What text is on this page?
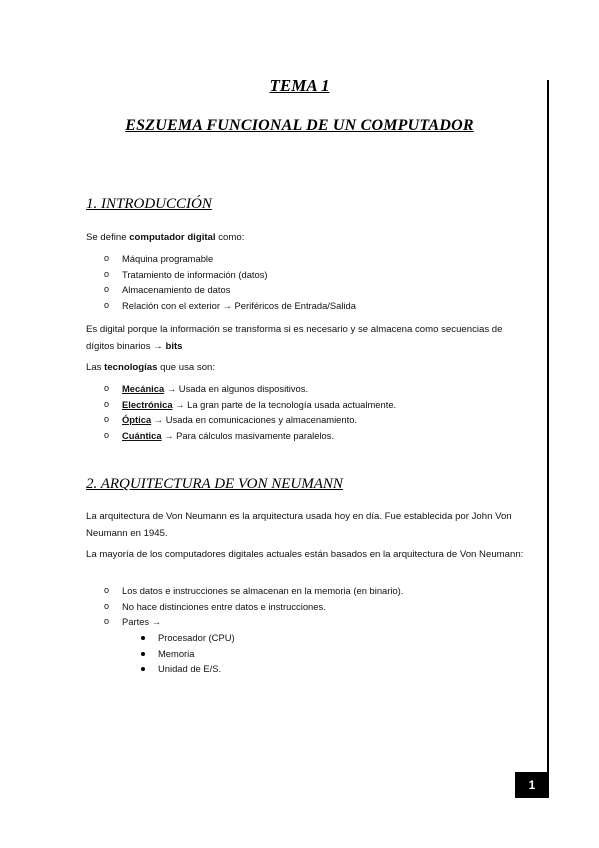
TEMA 1
ESZUEMA FUNCIONAL DE UN COMPUTADOR
1. INTRODUCCIÓN
Se define computador digital como:
o Máquina programable
o Tratamiento de información (datos)
o Almacenamiento de datos
o Relación con el exterior → Periféricos de Entrada/Salida
Es digital porque la información se transforma si es necesario y se almacena como secuencias de dígitos binarios → bits
Las tecnologías que usa son:
o Mecánica → Usada en algunos dispositivos.
o Electrónica → La gran parte de la tecnología usada actualmente.
o Óptica → Usada en comunicaciones y almacenamiento.
o Cuántica → Para cálculos masivamente paralelos.
2. ARQUITECTURA DE VON NEUMANN
La arquitectura de Von Neumann es la arquitectura usada hoy en día. Fue establecida por John Von Neumann en 1945.
La mayoría de los computadores digitales actuales están basados en la arquitectura de Von Neumann:
o Los datos e instrucciones se almacenan en la memoria (en binario).
o No hace distinciones entre datos e instrucciones.
o Partes →
Procesador (CPU)
Memoria
Unidad de E/S.
1
